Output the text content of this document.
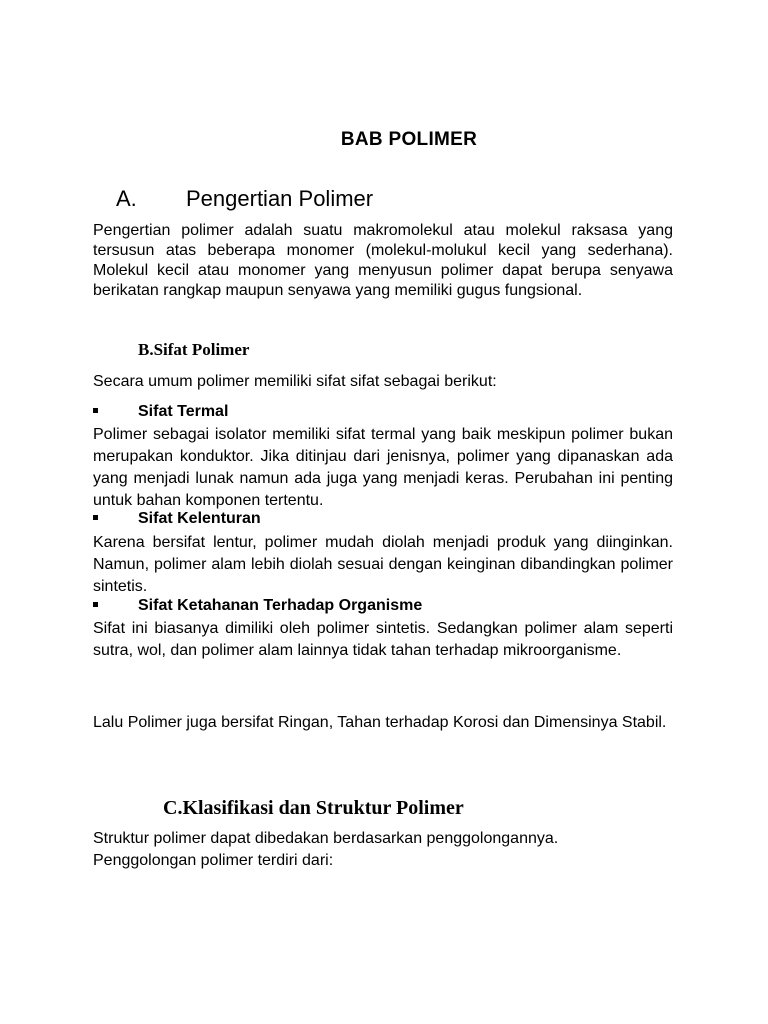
BAB POLIMER
A. Pengertian Polimer
Pengertian polimer adalah suatu makromolekul atau molekul raksasa yang tersusun atas beberapa monomer (molekul-molukul kecil yang sederhana). Molekul kecil atau monomer yang menyusun polimer dapat berupa senyawa berikatan rangkap maupun senyawa yang memiliki gugus fungsional.
B.Sifat Polimer
Secara umum polimer memiliki sifat sifat sebagai berikut:
Sifat Termal
Polimer sebagai isolator memiliki sifat termal yang baik meskipun polimer bukan merupakan konduktor. Jika ditinjau dari jenisnya, polimer yang dipanaskan ada yang menjadi lunak namun ada juga yang menjadi keras. Perubahan ini penting untuk bahan komponen tertentu.
Sifat Kelenturan
Karena bersifat lentur, polimer mudah diolah menjadi produk yang diinginkan. Namun, polimer alam lebih diolah sesuai dengan keinginan dibandingkan polimer sintetis.
Sifat Ketahanan Terhadap Organisme
Sifat ini biasanya dimiliki oleh polimer sintetis. Sedangkan polimer alam seperti sutra, wol, dan polimer alam lainnya tidak tahan terhadap mikroorganisme.
Lalu Polimer juga bersifat Ringan, Tahan terhadap Korosi dan Dimensinya Stabil.
C.Klasifikasi dan Struktur Polimer
Struktur polimer dapat dibedakan berdasarkan penggolongannya.
Penggolongan polimer terdiri dari:
